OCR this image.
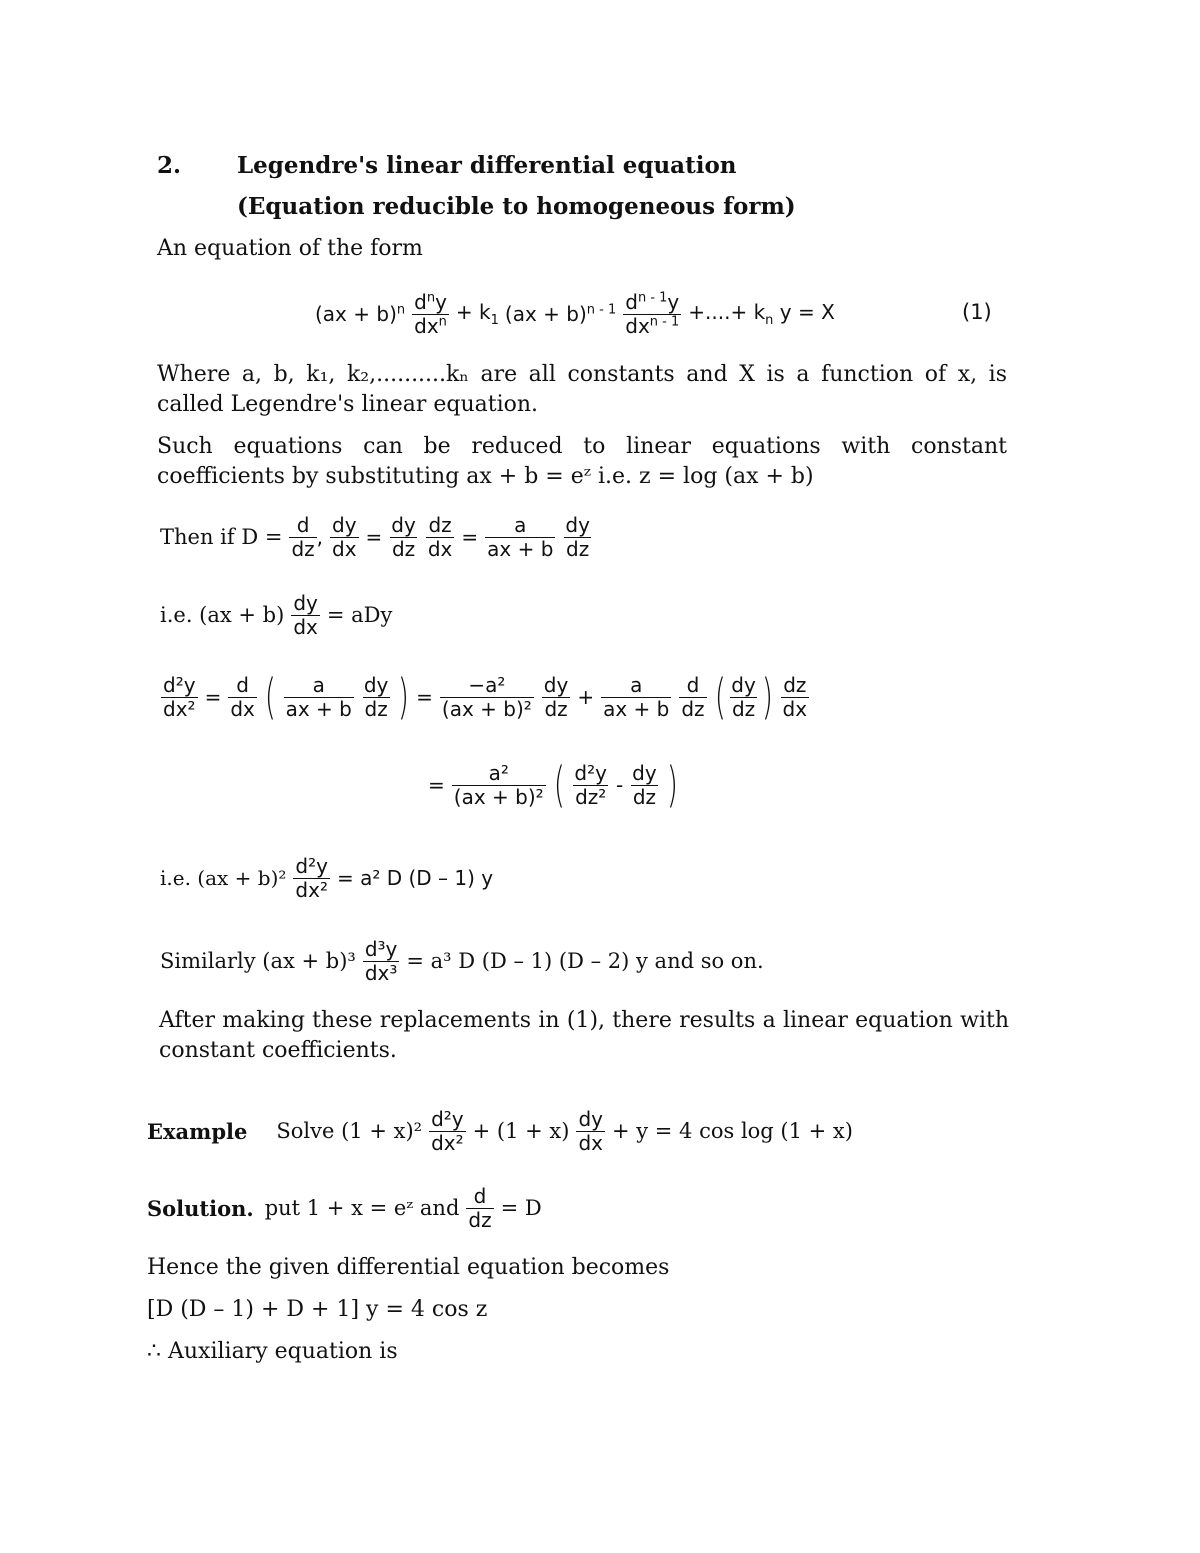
2. Legendre's linear differential equation
(Equation reducible to homogeneous form)
An equation of the form
$(ax + b)^n \frac{d^ny}{dx^n} + k_1$ $(ax + b)^{n - 1} \frac{d^{n - 1}y}{dx^{n - 1}}$ +....+ $k_n$ y = X	(1)
Where a, b, k₁, k₂,..........kₙ are all constants and X is a function of x, is called Legendre's linear equation.
Such equations can be reduced to linear equations with constant coefficients by substituting ax + b = eᶻ i.e. z = log (ax + b)
Then if $D = \frac{d}{dz}$ , $\frac{dy}{dx} = \frac{dy}{dz} \frac{dz}{dx} = \frac{a}{ax + b} \frac{dy}{dz}$
i.e. $(ax + b) \frac{dy}{dx}$ = aDy
$\frac{\text{d²y}}{\text{dx²}} = \frac{d}{dx}$ ( $\frac{a}{ax + b} \frac{dy}{dz}$ ) = $\frac{\text{−a²}}{\text{(ax + b)²}} \frac{dy}{dz} + \frac{a}{ax + b} \frac{d}{dz}$ ( $\frac{dy}{dz}$ ) $\frac{dz}{dx}$
= $\frac{\text{a²}}{\text{(ax + b)²}}$ ( $\frac{\text{d²y}}{\text{dz²}} - \frac{dy}{dz}$ )
i.e. $(ax + b)^2 \frac{\text{d²y}}{\text{dx²}} = a^2$ D (D – 1) y
Similarly $(ax + b)^3 \frac{\text{d³y}}{\text{dx³}} = a^3$ D (D – 1) (D – 2) y and so on.
After making these replacements in (1), there results a linear equation with constant coefficients.
Example Solve $(1 + x)^2 \frac{\text{d²y}}{\text{dx²}} + (1 + x) \frac{dy}{dx} + y = 4$ cos log (1 + x)
Solution. put 1 + x = eᶻ and $\frac{d}{dz} = D$
Hence the given differential equation becomes
[D (D – 1) + D + 1] y = 4 cos z
∴ Auxiliary equation is
